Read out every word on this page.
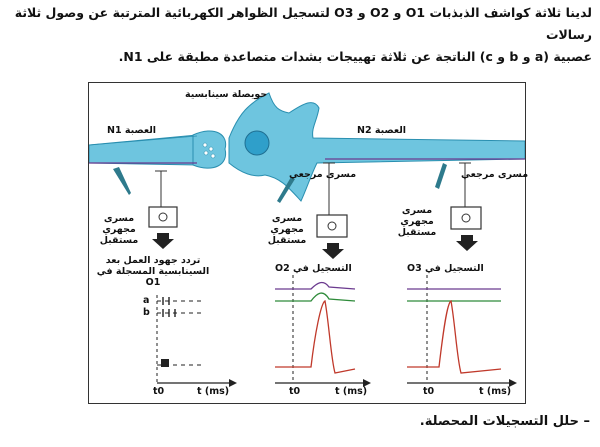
لدينا ثلاثة كواشف الذبذبات O1 و O2 و O3 لتسجيل الظواهر الكهربائية المترتبة عن وصول ثلاثة رسالات
عصبية (a و b و c) الناتجة عن ثلاثة تهييجات بشدات متصاعدة مطبقة على N1.
حويصلة سينابسية
العصبة N1	العصبة N2
مسرى مرجعي	مسرى مرجعي
مسرى مجهري مستقبل
مسرى مجهري مستقبل
مسرى مجهري مستقبل
تردد جهود العمل بعد السينابسية المسجلة في O1
التسجيل في O2	التسجيل في O3
a
b
t0	t (ms)	t0	t (ms)	t0	t (ms)
– حلل التسجيلات المحصلة.
